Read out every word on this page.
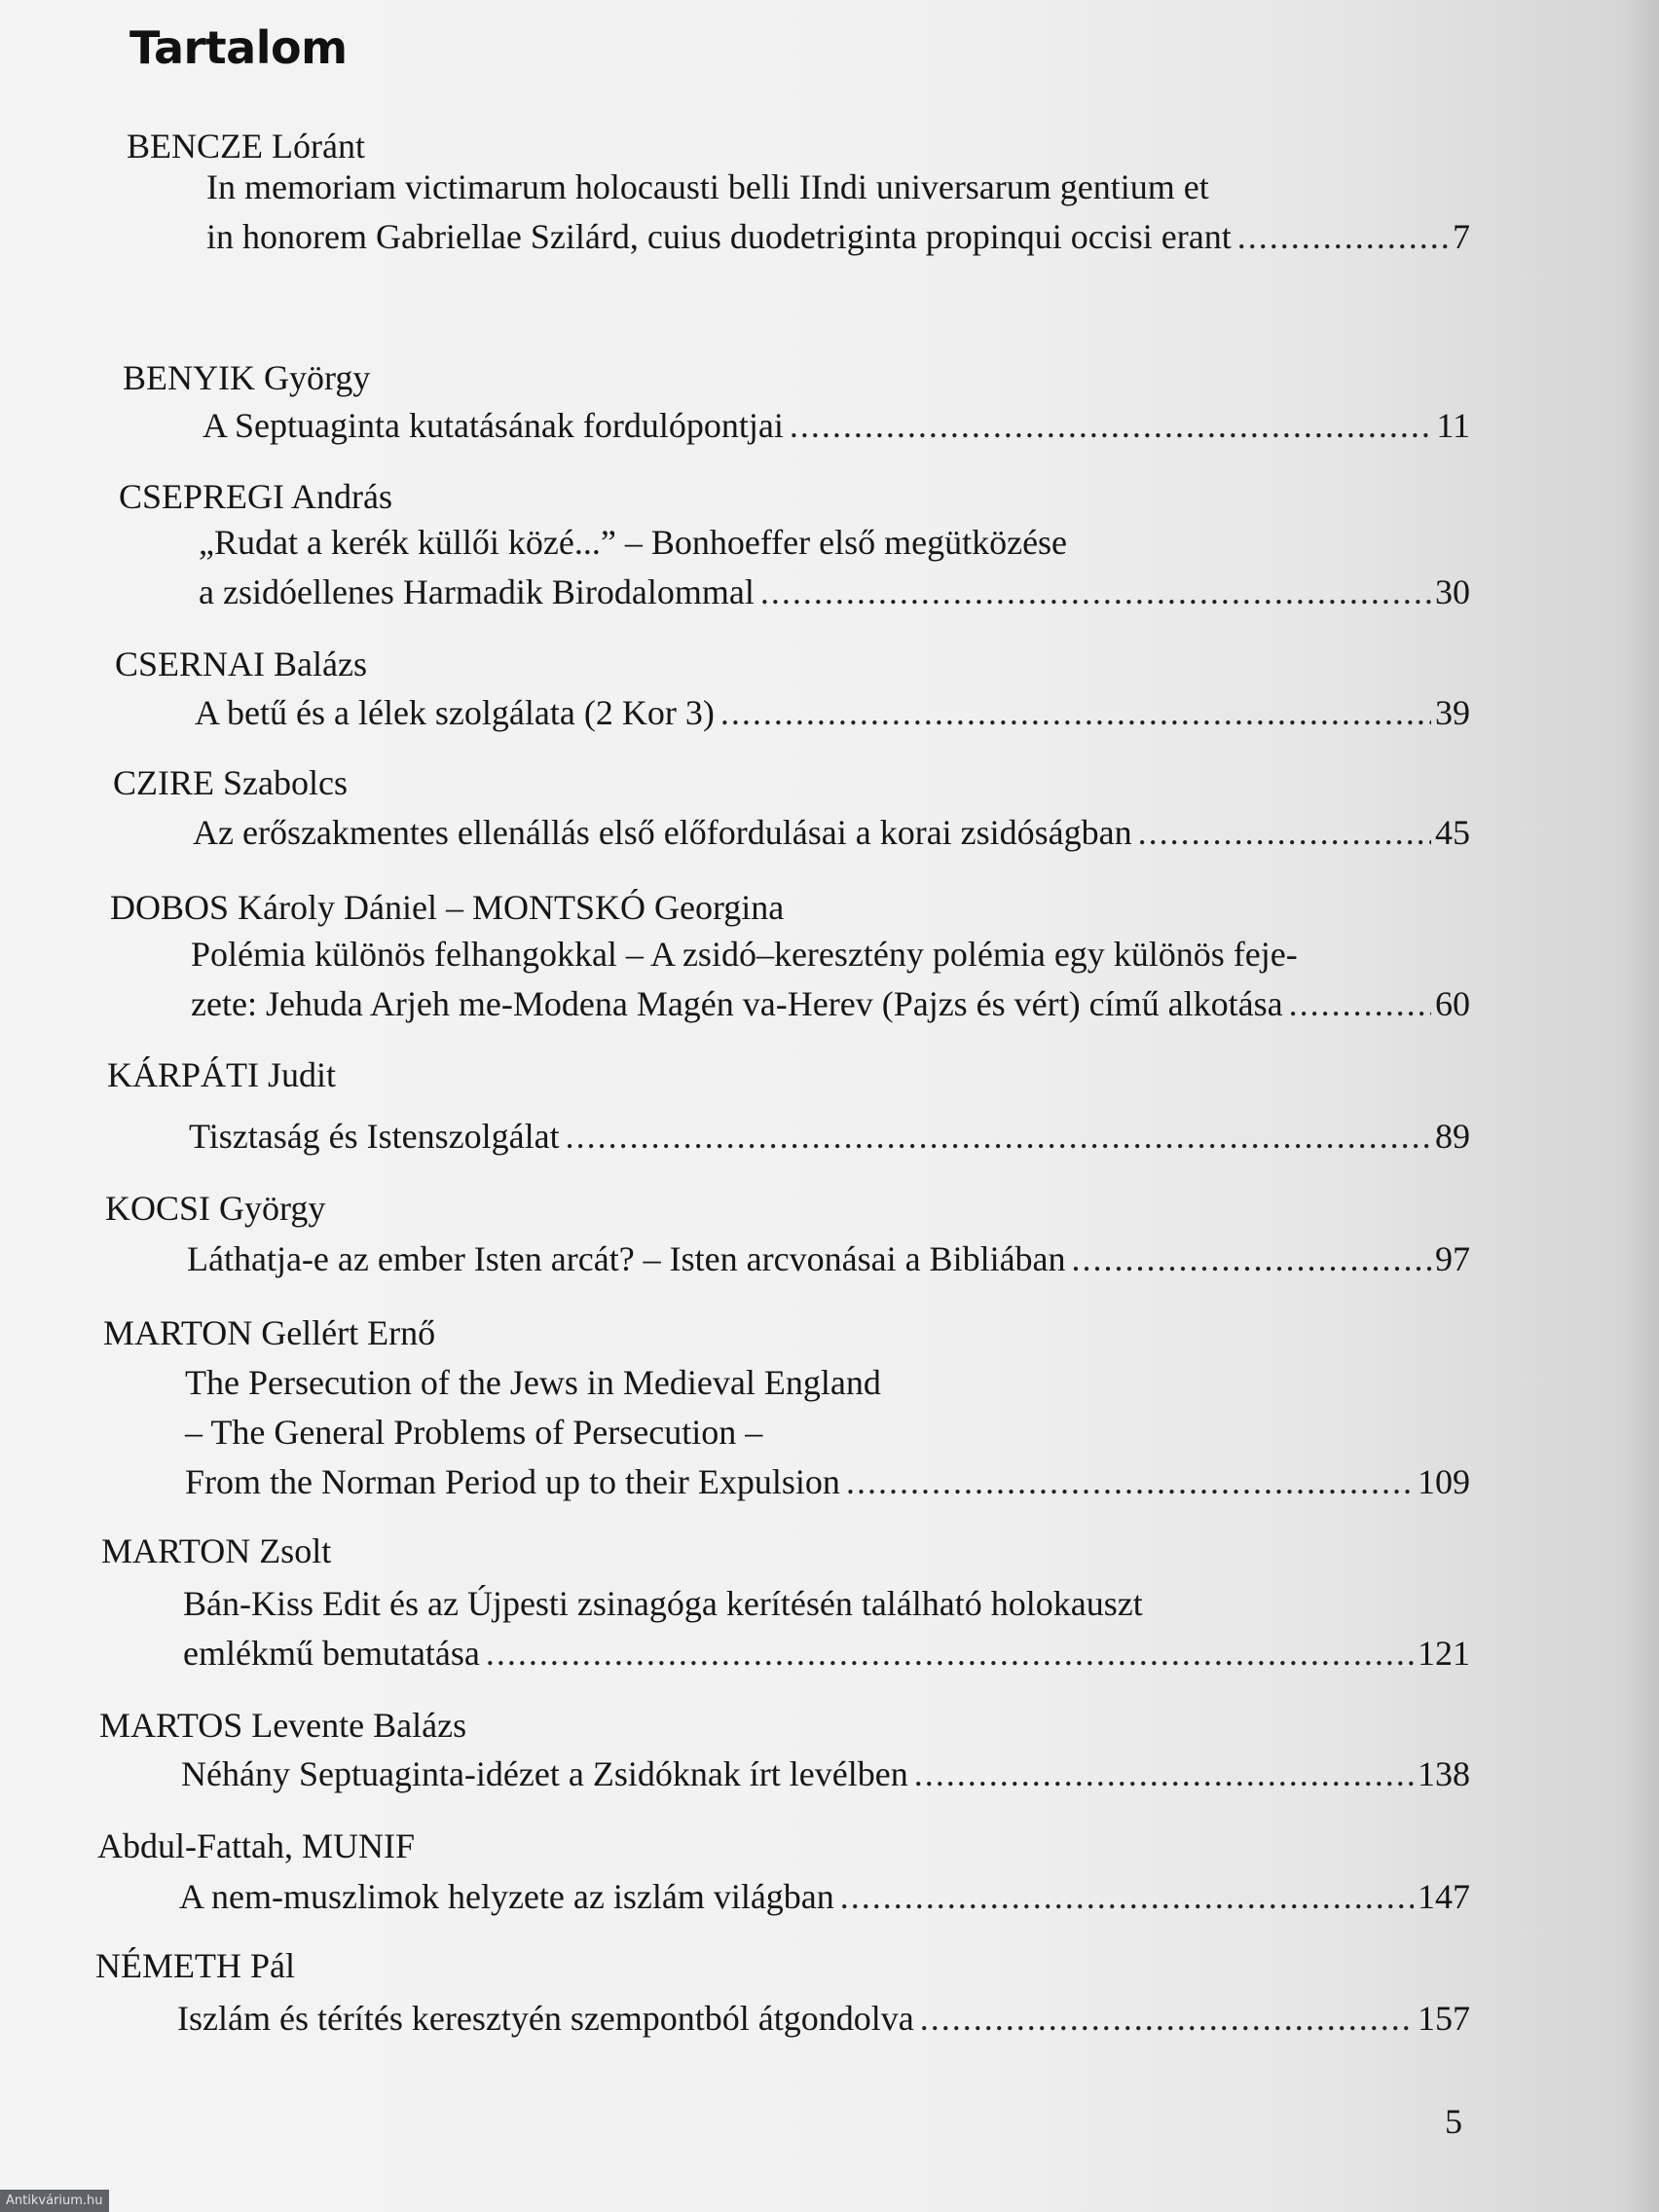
Tartalom
BENCZE Lóránt
In memoriam victimarum holocausti belli IIndi universarum gentium et
in honorem Gabriellae Szilárd, cuius duodetriginta propinqui occisi erant .....	7
BENYIK György
A Septuaginta kutatásának fordulópontjai .....	11
CSEPREGI András
„Rudat a kerék küllői közé...” – Bonhoeffer első megütközése
a zsidóellenes Harmadik Birodalommal .....	30
CSERNAI Balázs
A betű és a lélek szolgálata (2 Kor 3) .....	39
CZIRE Szabolcs
Az erőszakmentes ellenállás első előfordulásai a korai zsidóságban .....	45
DOBOS Károly Dániel – MONTSKÓ Georgina
Polémia különös felhangokkal – A zsidó–keresztény polémia egy különös feje-
zete: Jehuda Arjeh me-Modena Magén va-Herev (Pajzs és vért) című alkotása .....	60
KÁRPÁTI Judit
Tisztaság és Istenszolgálat .....	89
KOCSI György
Láthatja-e az ember Isten arcát? – Isten arcvonásai a Bibliában .....	97
MARTON Gellért Ernő
The Persecution of the Jews in Medieval England
– The General Problems of Persecution –
From the Norman Period up to their Expulsion .....	109
MARTON Zsolt
Bán-Kiss Edit és az Újpesti zsinagóga kerítésén található holokauszt
emlékmű bemutatása .....	121
MARTOS Levente Balázs
Néhány Septuaginta-idézet a Zsidóknak írt levélben .....	138
Abdul-Fattah, MUNIF
A nem-muszlimok helyzete az iszlám világban .....	147
NÉMETH Pál
Iszlám és térítés keresztyén szempontból átgondolva .....	157
5
Antikvárium.hu
